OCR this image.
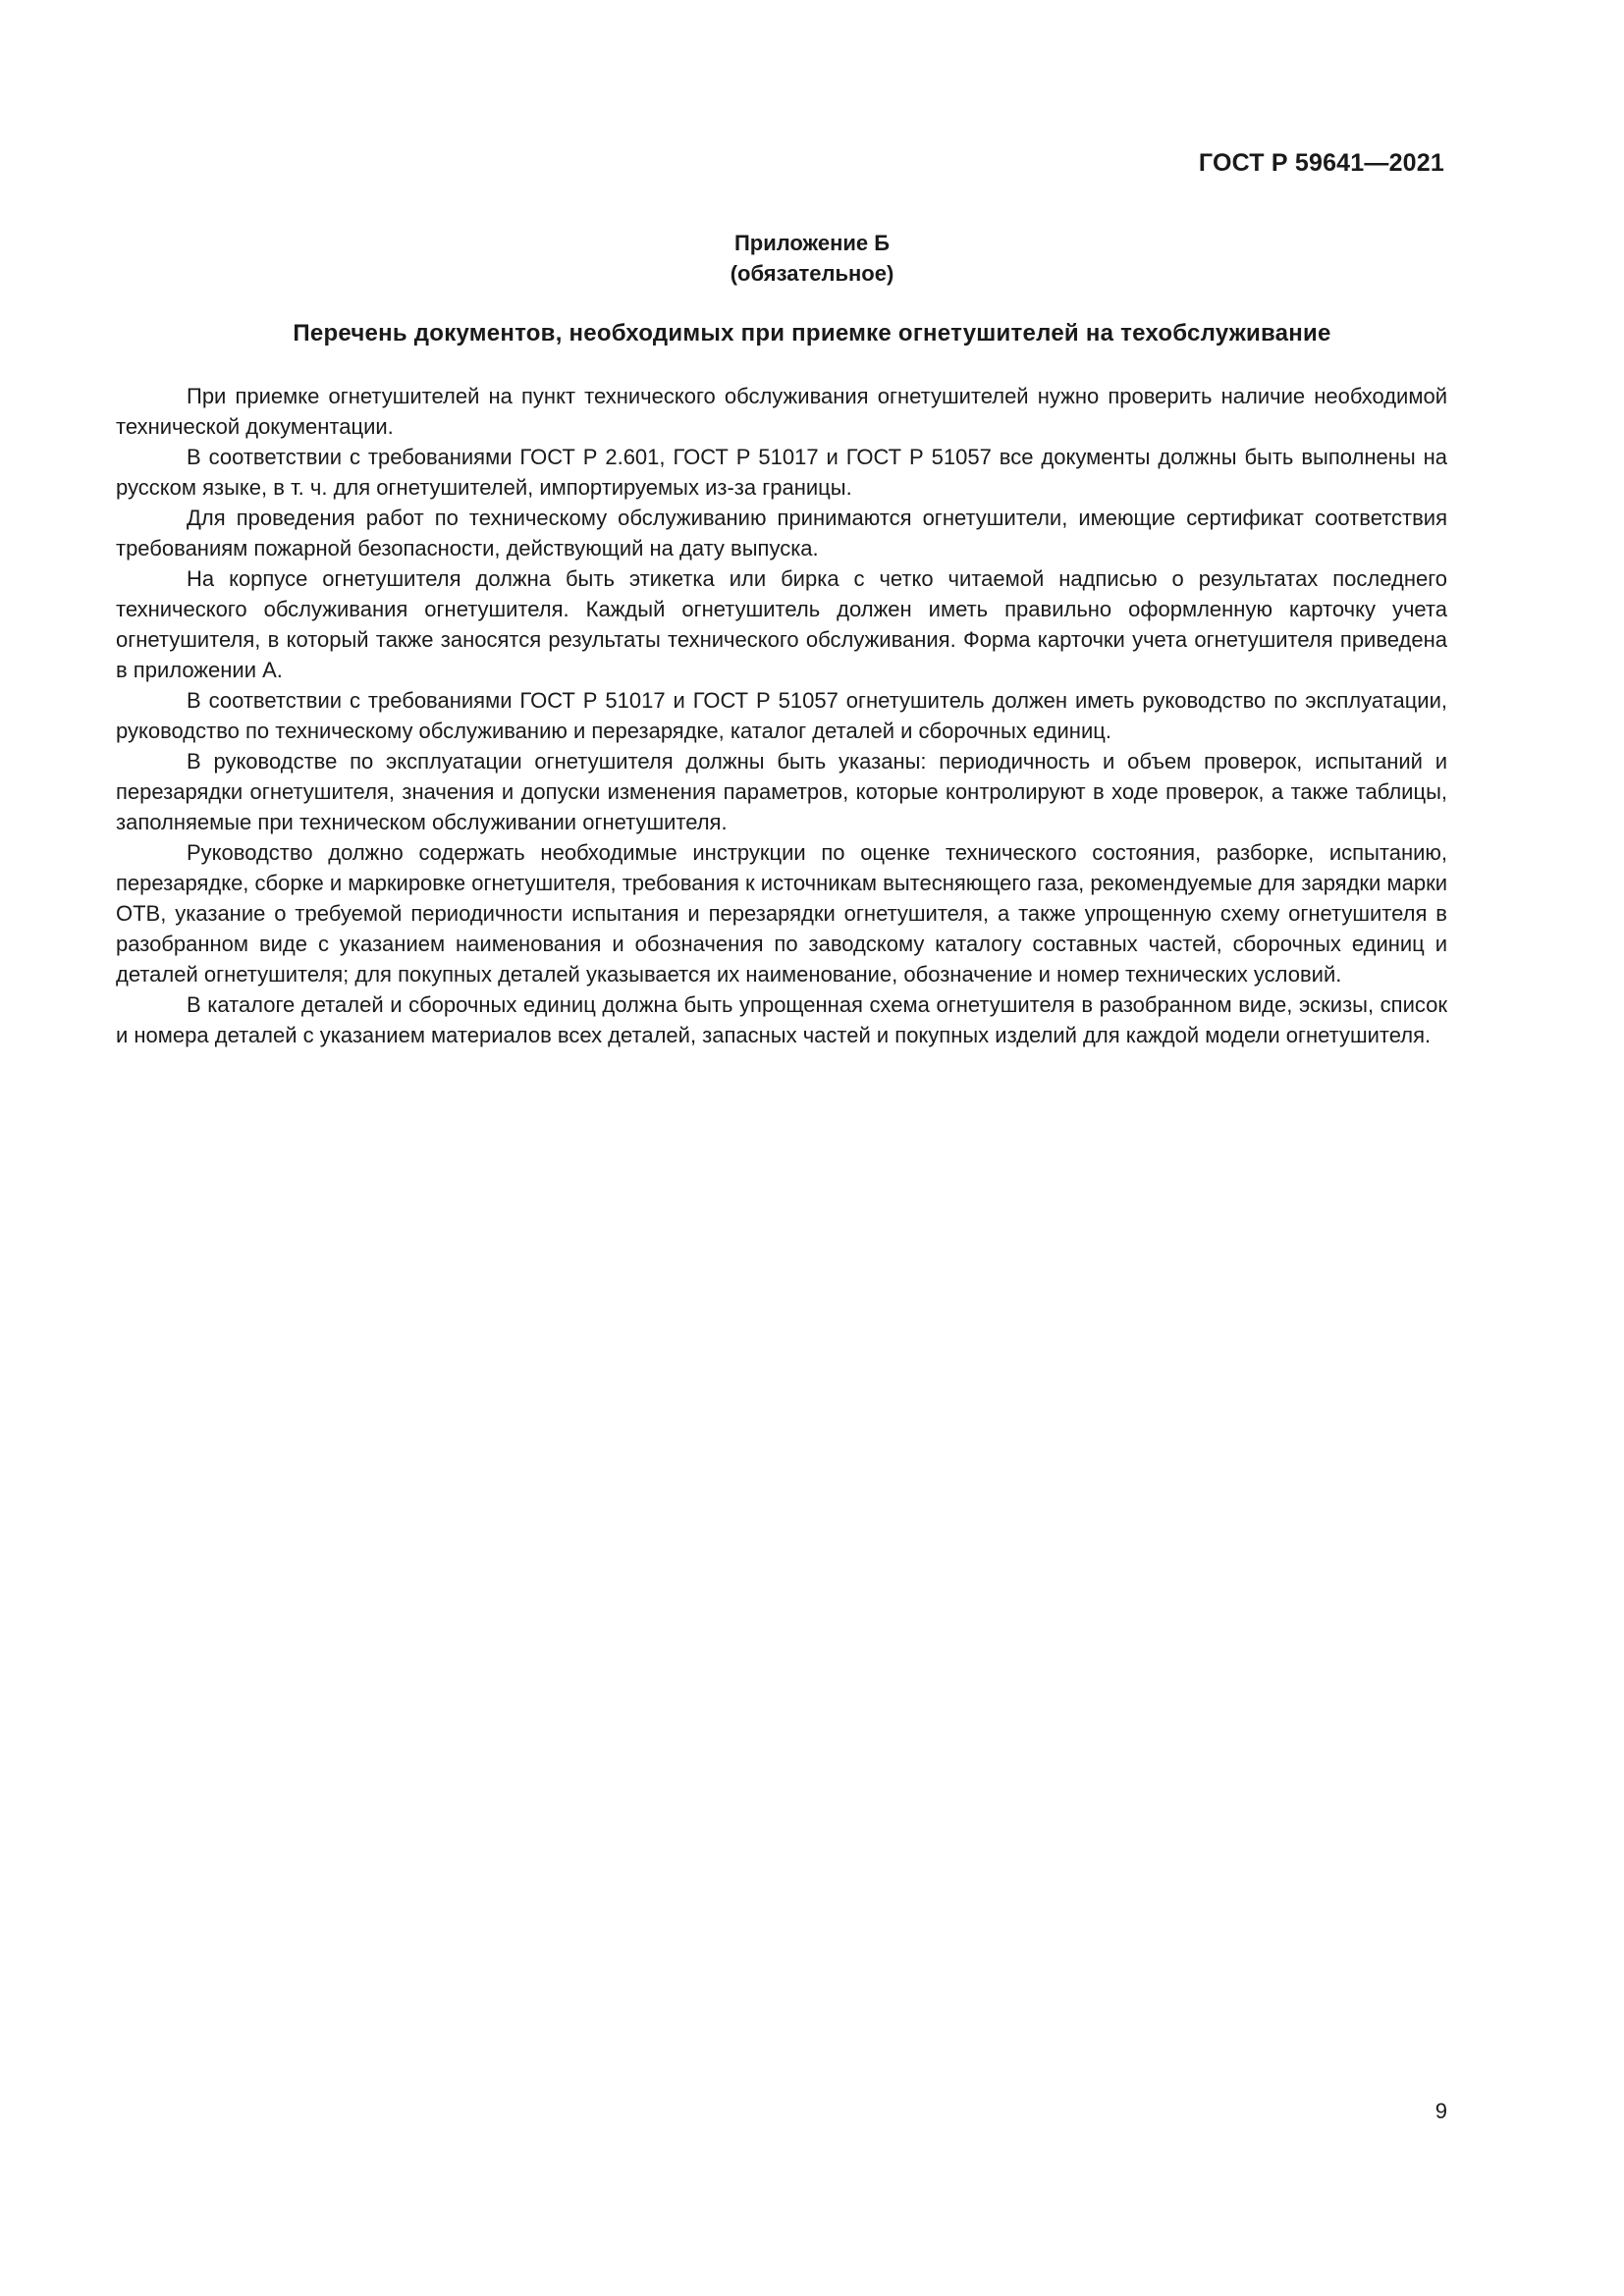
ГОСТ Р 59641—2021
Приложение Б
(обязательное)
Перечень документов, необходимых при приемке огнетушителей на техобслуживание

При приемке огнетушителей на пункт технического обслуживания огнетушителей нужно проверить наличие необходимой технической документации.

В соответствии с требованиями ГОСТ Р 2.601, ГОСТ Р 51017 и ГОСТ Р 51057 все документы должны быть выполнены на русском языке, в т. ч. для огнетушителей, импортируемых из-за границы.

Для проведения работ по техническому обслуживанию принимаются огнетушители, имеющие сертификат соответствия требованиям пожарной безопасности, действующий на дату выпуска.

На корпусе огнетушителя должна быть этикетка или бирка с четко читаемой надписью о результатах последнего технического обслуживания огнетушителя. Каждый огнетушитель должен иметь правильно оформленную карточку учета огнетушителя, в который также заносятся результаты технического обслуживания. Форма карточки учета огнетушителя приведена в приложении А.

В соответствии с требованиями ГОСТ Р 51017 и ГОСТ Р 51057 огнетушитель должен иметь руководство по эксплуатации, руководство по техническому обслуживанию и перезарядке, каталог деталей и сборочных единиц.

В руководстве по эксплуатации огнетушителя должны быть указаны: периодичность и объем проверок, испытаний и перезарядки огнетушителя, значения и допуски изменения параметров, которые контролируют в ходе проверок, а также таблицы, заполняемые при техническом обслуживании огнетушителя.

Руководство должно содержать необходимые инструкции по оценке технического состояния, разборке, испытанию, перезарядке, сборке и маркировке огнетушителя, требования к источникам вытесняющего газа, рекомендуемые для зарядки марки ОТВ, указание о требуемой периодичности испытания и перезарядки огнетушителя, а также упрощенную схему огнетушителя в разобранном виде с указанием наименования и обозначения по заводскому каталогу составных частей, сборочных единиц и деталей огнетушителя; для покупных деталей указывается их наименование, обозначение и номер технических условий.

В каталоге деталей и сборочных единиц должна быть упрощенная схема огнетушителя в разобранном виде, эскизы, список и номера деталей с указанием материалов всех деталей, запасных частей и покупных изделий для каждой модели огнетушителя.

9
